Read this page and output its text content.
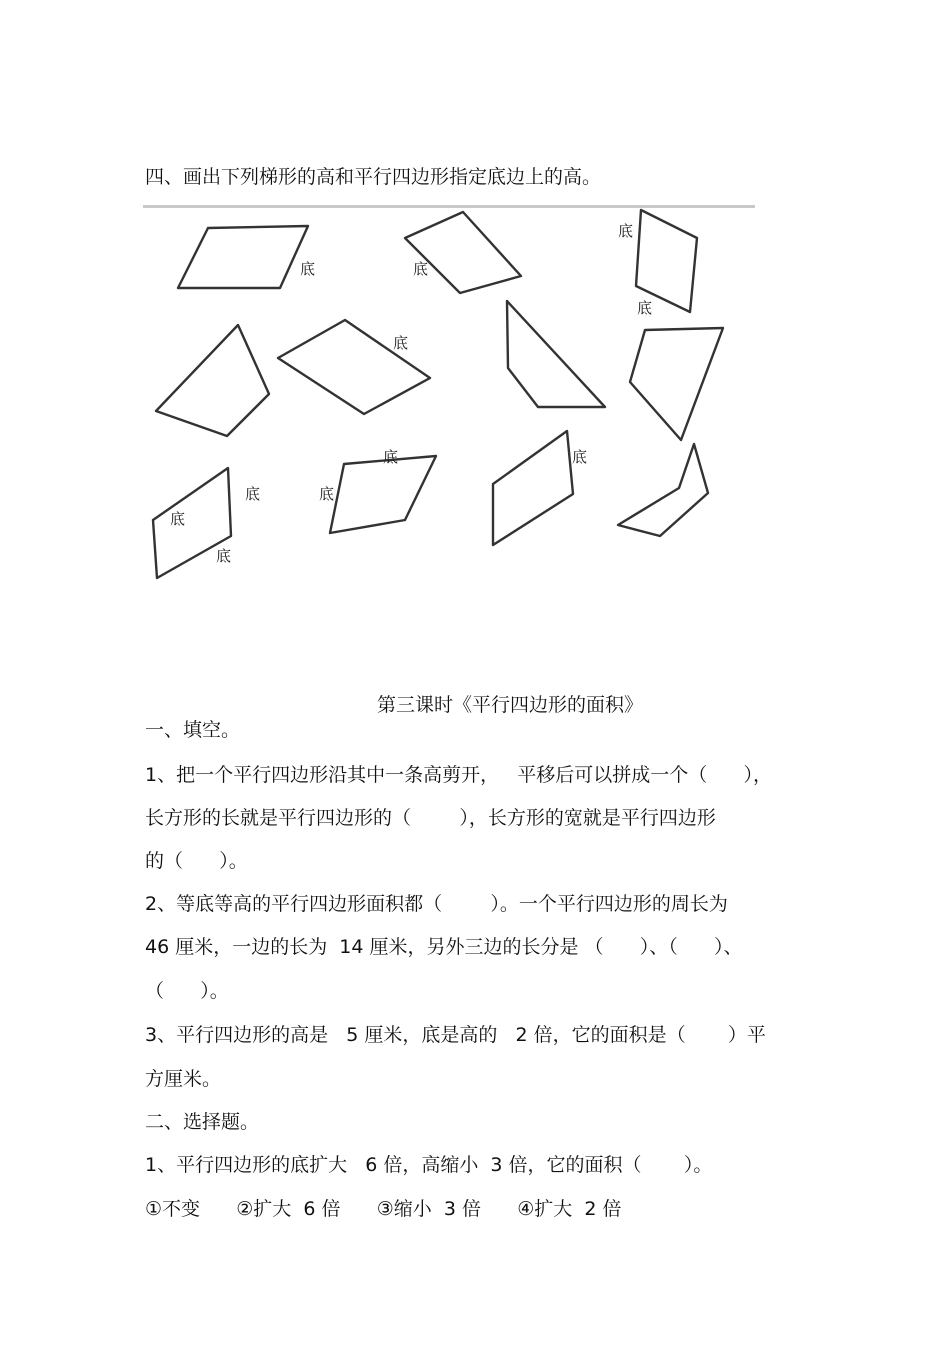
四、画出下列梯形的高和平行四边形指定底边上的高。
底	底
底
底
底
底
底
底
底
底
底
第三课时《平行四边形的面积》
一、填空。
1、把一个平行四边形沿其中一条高剪开，   平移后可以拼成一个（      ），
长方形的长就是平行四边形的（        ），长方形的宽就是平行四边形
的（      ）。
2、等底等高的平行四边形面积都（        ）。一个平行四边形的周长为
46 厘米，一边的长为  14 厘米，另外三边的长分是 （      ）、（      ）、
（      ）。
3、平行四边形的高是   5 厘米，底是高的   2 倍，它的面积是（       ）平
方厘米。
二、选择题。
1、平行四边形的底扩大   6 倍，高缩小  3 倍，它的面积（       ）。
①不变      ②扩大  6 倍      ③缩小  3 倍      ④扩大  2 倍
